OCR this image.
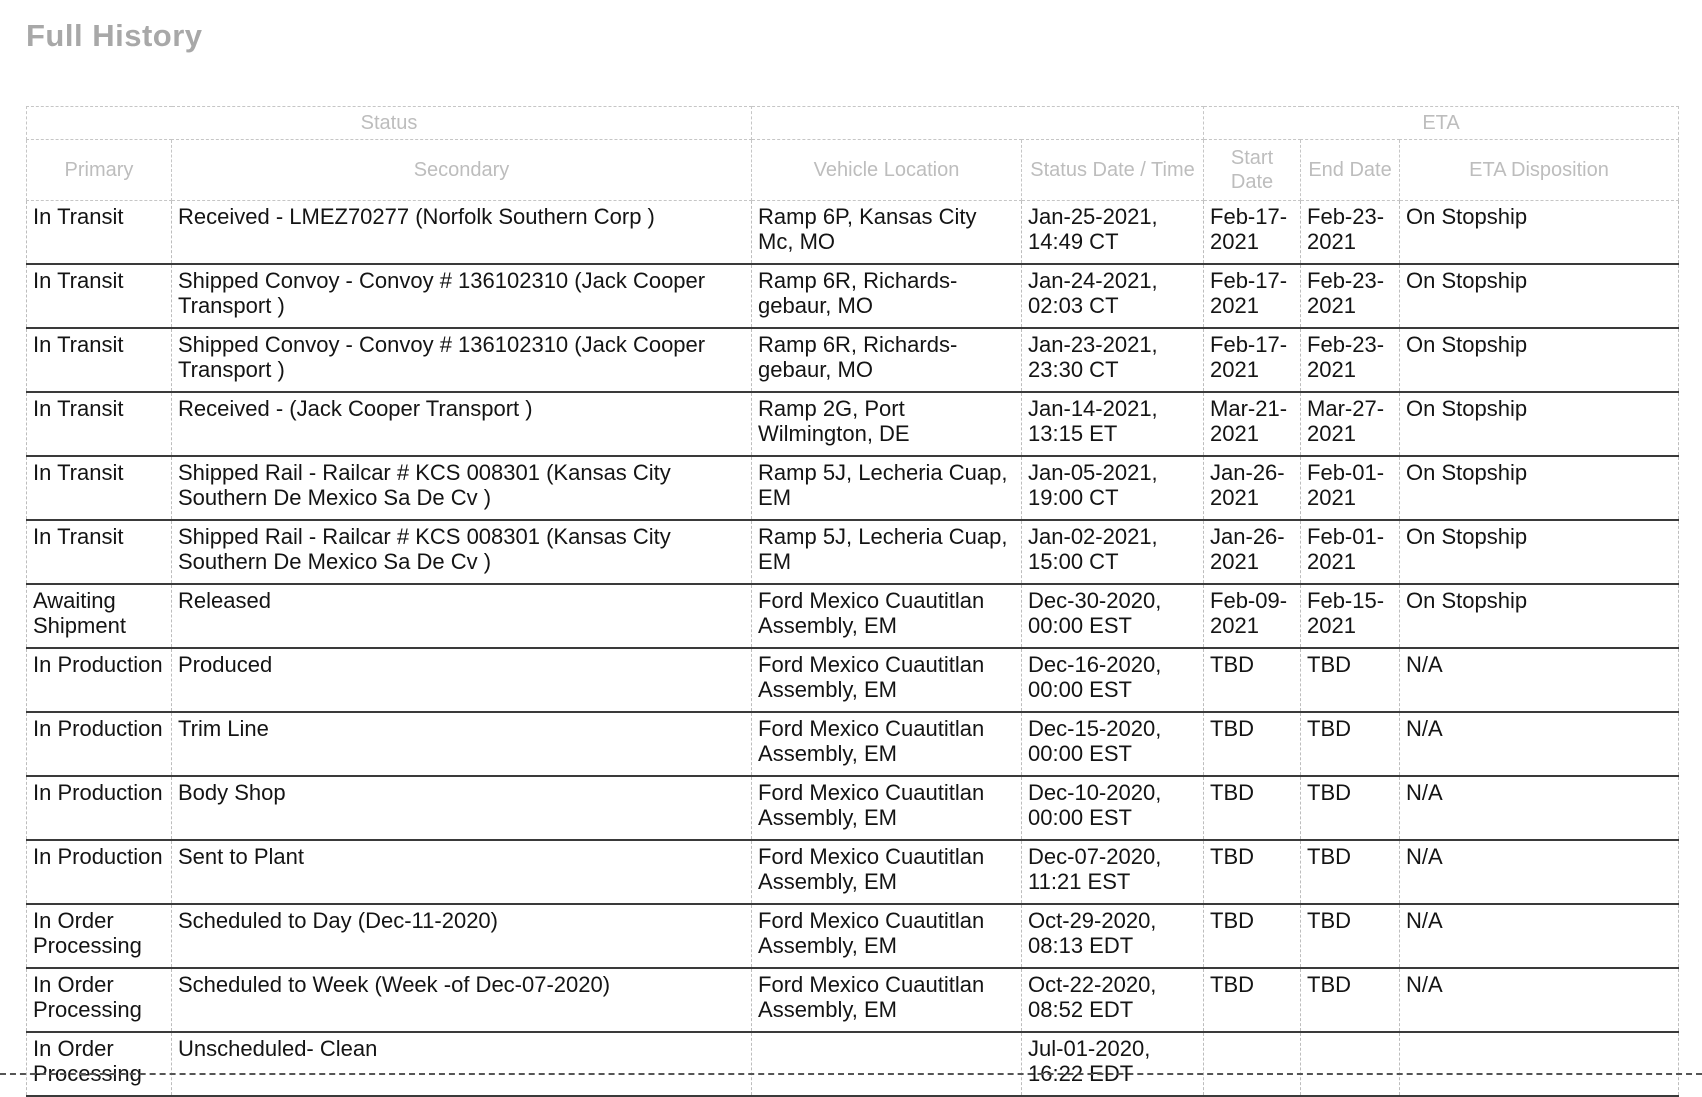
Full History
Status				ETA		
Primary	Secondary	Vehicle Location	Status Date / Time	Start Date	End Date	ETA Disposition
In Transit	Received - LMEZ70277 (Norfolk Southern Corp )	Ramp 6P, Kansas City Mc, MO	Jan-25-2021, 14:49 CT	Feb-17-2021	Feb-23-2021	On Stopship
In Transit	Shipped Convoy - Convoy # 136102310 (Jack Cooper Transport )	Ramp 6R, Richards-gebaur, MO	Jan-24-2021, 02:03 CT	Feb-17-2021	Feb-23-2021	On Stopship
In Transit	Shipped Convoy - Convoy # 136102310 (Jack Cooper Transport )	Ramp 6R, Richards-gebaur, MO	Jan-23-2021, 23:30 CT	Feb-17-2021	Feb-23-2021	On Stopship
In Transit	Received - (Jack Cooper Transport )	Ramp 2G, Port Wilmington, DE	Jan-14-2021, 13:15 ET	Mar-21-2021	Mar-27-2021	On Stopship
In Transit	Shipped Rail - Railcar # KCS 008301 (Kansas City Southern De Mexico Sa De Cv )	Ramp 5J, Lecheria Cuap, EM	Jan-05-2021, 19:00 CT	Jan-26-2021	Feb-01-2021	On Stopship
In Transit	Shipped Rail - Railcar # KCS 008301 (Kansas City Southern De Mexico Sa De Cv )	Ramp 5J, Lecheria Cuap, EM	Jan-02-2021, 15:00 CT	Jan-26-2021	Feb-01-2021	On Stopship
Awaiting Shipment	Released	Ford Mexico Cuautitlan Assembly, EM	Dec-30-2020, 00:00 EST	Feb-09-2021	Feb-15-2021	On Stopship
In Production	Produced	Ford Mexico Cuautitlan Assembly, EM	Dec-16-2020, 00:00 EST	TBD	TBD	N/A
In Production	Trim Line	Ford Mexico Cuautitlan Assembly, EM	Dec-15-2020, 00:00 EST	TBD	TBD	N/A
In Production	Body Shop	Ford Mexico Cuautitlan Assembly, EM	Dec-10-2020, 00:00 EST	TBD	TBD	N/A
In Production	Sent to Plant	Ford Mexico Cuautitlan Assembly, EM	Dec-07-2020, 11:21 EST	TBD	TBD	N/A
In Order Processing	Scheduled to Day (Dec-11-2020)	Ford Mexico Cuautitlan Assembly, EM	Oct-29-2020, 08:13 EDT	TBD	TBD	N/A
In Order Processing	Scheduled to Week (Week -of Dec-07-2020)	Ford Mexico Cuautitlan Assembly, EM	Oct-22-2020, 08:52 EDT	TBD	TBD	N/A
In Order Processing	Unscheduled- Clean		Jul-01-2020, 16:22 EDT			
